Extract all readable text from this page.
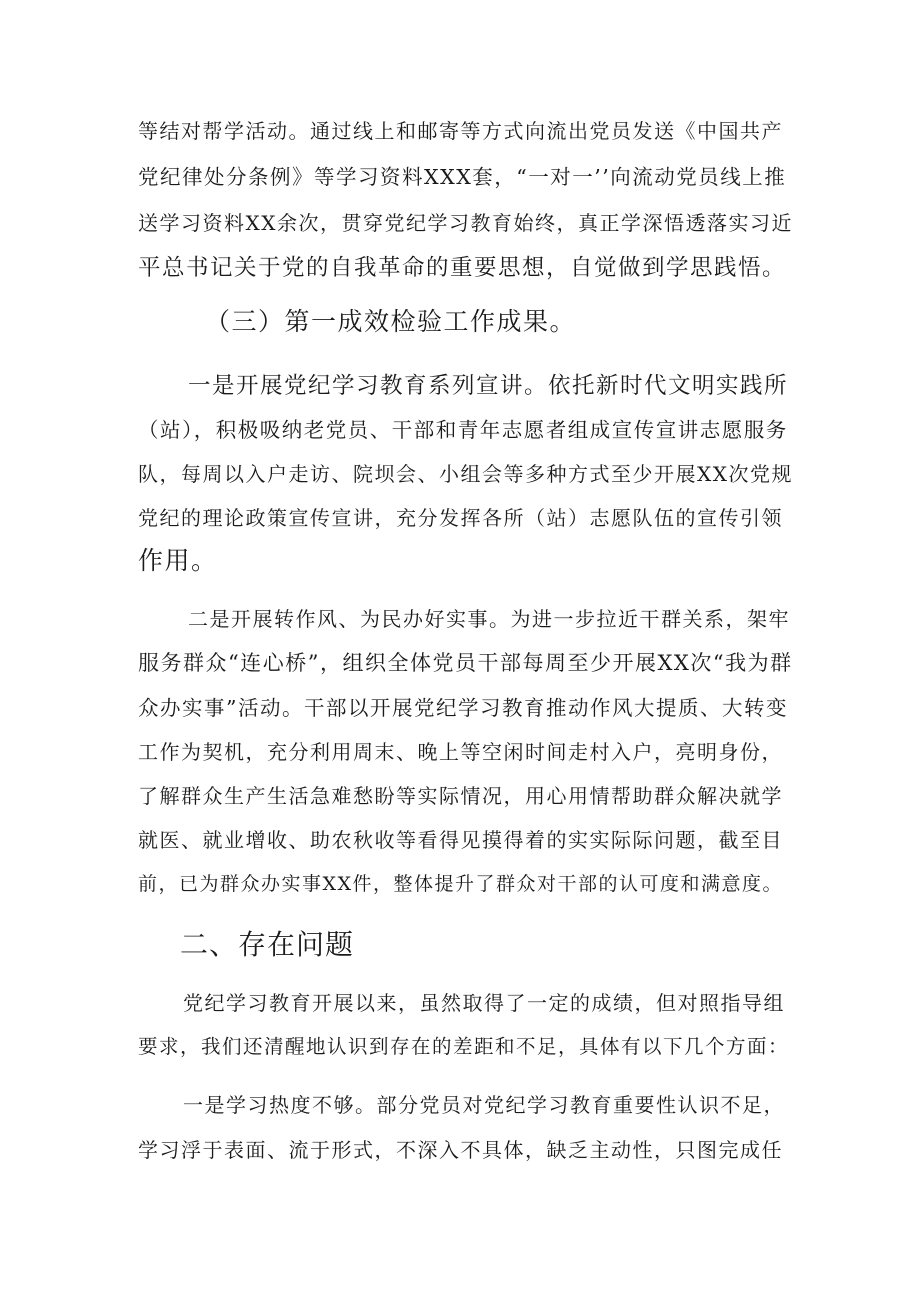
等结对帮学活动。通过线上和邮寄等方式向流出党员发送《中国共产
党纪律处分条例》等学习资料XXX套，“一对一’’向流动党员线上推
送学习资料XX余次，贯穿党纪学习教育始终，真正学深悟透落实习近
平总书记关于党的自我革命的重要思想，自觉做到学思践悟。
（三）第一成效检验工作成果。
一是开展党纪学习教育系列宣讲。依托新时代文明实践所
（站），积极吸纳老党员、干部和青年志愿者组成宣传宣讲志愿服务
队，每周以入户走访、院坝会、小组会等多种方式至少开展XX次党规
党纪的理论政策宣传宣讲，充分发挥各所（站）志愿队伍的宣传引领
作用。
二是开展转作风、为民办好实事。为进一步拉近干群关系，架牢
服务群众“连心桥”，组织全体党员干部每周至少开展XX次“我为群
众办实事”活动。干部以开展党纪学习教育推动作风大提质、大转变
工作为契机，充分利用周末、晚上等空闲时间走村入户，亮明身份，
了解群众生产生活急难愁盼等实际情况，用心用情帮助群众解决就学
就医、就业增收、助农秋收等看得见摸得着的实实际际问题，截至目
前，已为群众办实事XX件，整体提升了群众对干部的认可度和满意度。
二、存在问题
党纪学习教育开展以来，虽然取得了一定的成绩，但对照指导组
要求，我们还清醒地认识到存在的差距和不足，具体有以下几个方面：
一是学习热度不够。部分党员对党纪学习教育重要性认识不足，
学习浮于表面、流于形式，不深入不具体，缺乏主动性，只图完成任
